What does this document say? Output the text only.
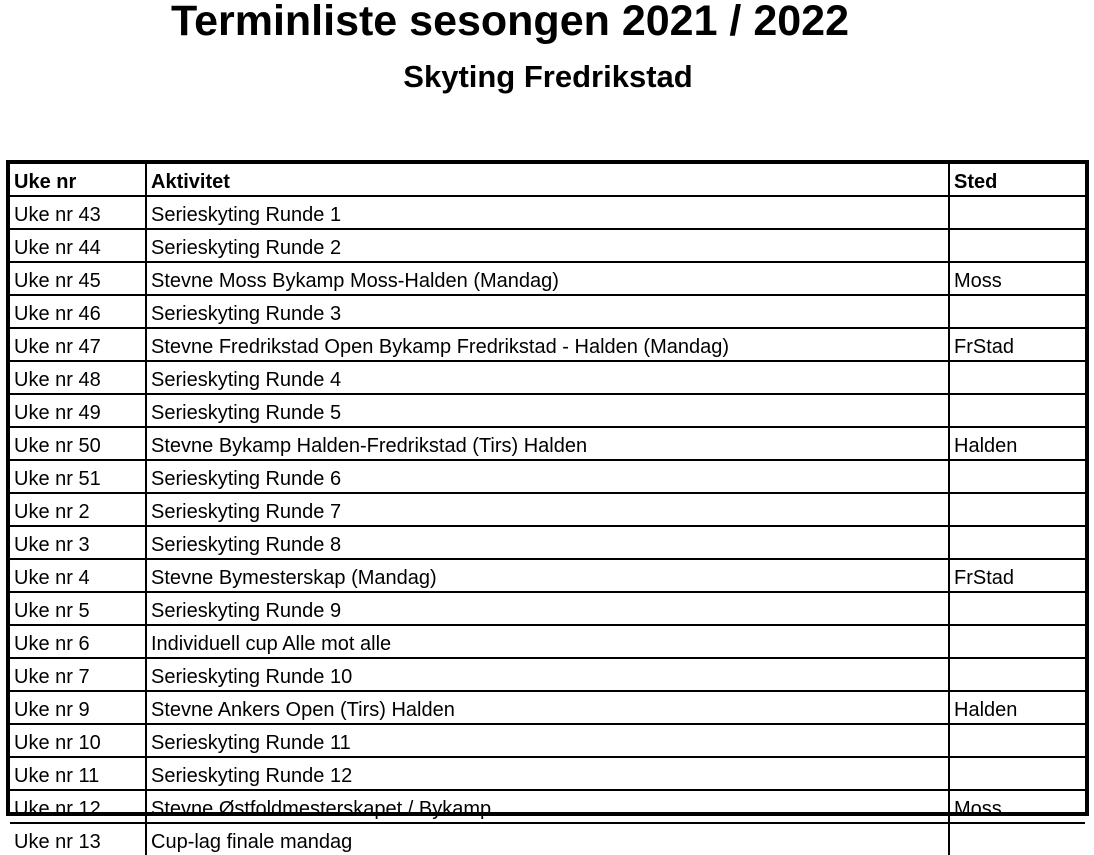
Terminliste sesongen 2021 / 2022
Skyting Fredrikstad
Uke nr	Aktivitet	Sted
Uke nr 43	Serieskyting Runde 1	
Uke nr 44	Serieskyting Runde 2	
Uke nr 45	Stevne Moss Bykamp Moss-Halden (Mandag)	Moss
Uke nr 46	Serieskyting Runde 3	
Uke nr 47	Stevne Fredrikstad Open Bykamp Fredrikstad - Halden (Mandag)	FrStad
Uke nr 48	Serieskyting Runde 4	
Uke nr 49	Serieskyting Runde 5	
Uke nr 50	Stevne Bykamp Halden-Fredrikstad (Tirs) Halden	Halden
Uke nr 51	Serieskyting Runde 6	
Uke nr 2	Serieskyting Runde 7	
Uke nr 3	Serieskyting Runde 8	
Uke nr 4	Stevne Bymesterskap (Mandag)	FrStad
Uke nr 5	Serieskyting Runde 9	
Uke nr 6	Individuell cup Alle mot alle	
Uke nr 7	Serieskyting Runde 10	
Uke nr 9	Stevne Ankers Open (Tirs) Halden	Halden
Uke nr 10	Serieskyting Runde 11	
Uke nr 11	Serieskyting Runde 12	
Uke nr 12	Stevne Østfoldmesterskapet / Bykamp	Moss
Uke nr 13	Cup-lag finale mandag	
